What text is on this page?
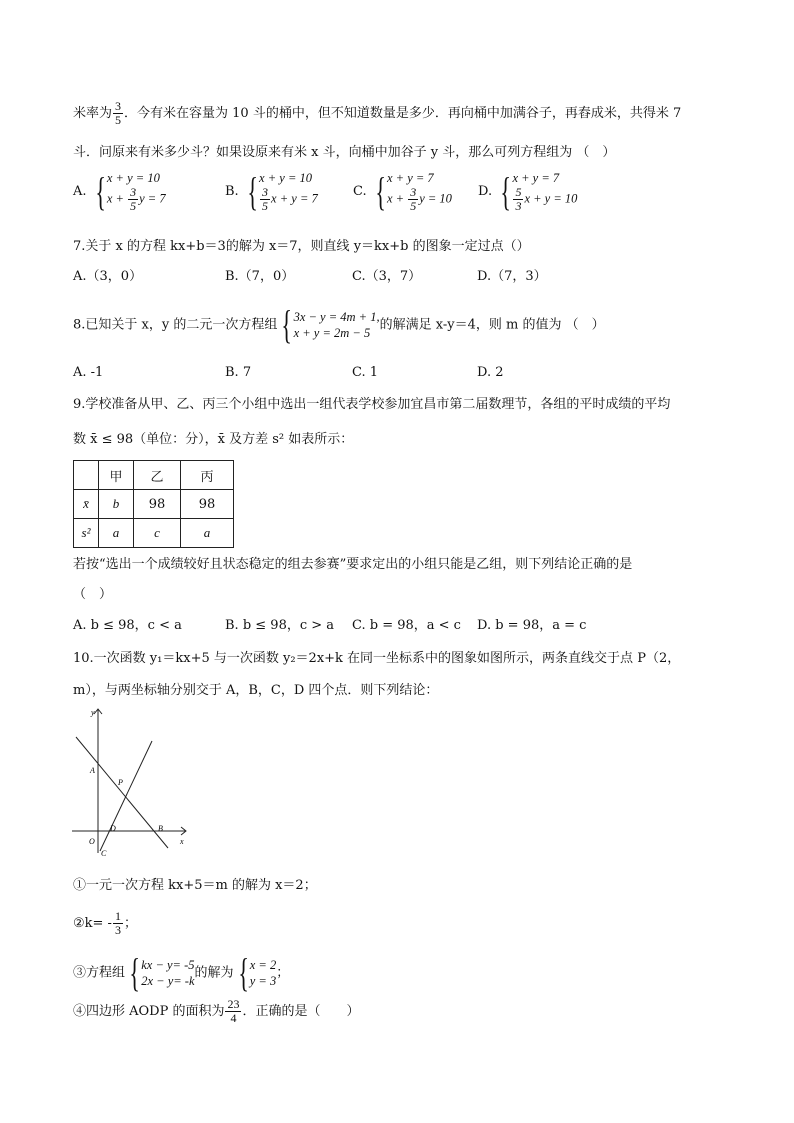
米率为 $\frac{3}{5}$ ．今有米在容量为 10 斗的桶中，但不知道数量是多少．再向桶中加满谷子，再舂成米，共得米 7
斗．问原来有米多少斗？如果设原来有米 x 斗，向桶中加谷子 y 斗，那么可列方程组为 （　）
A. { x + y = 10
$x + \frac{3}{5}$ y = 7	B. { x + y = 10
$\frac{3}{5}$ x + y = 7	C. { x + y = 7
$x + \frac{3}{5}$ y = 10 D. { x + y = 7
$\frac{5}{3}$ x + y = 10
7.关于 x 的方程 kx+b＝3的解为 x＝7，则直线 y＝kx+b 的图象一定过点（）
A.（3，0）	B.（7，0）	C.（3，7）	D.（7，3）
8.已知关于 x，y 的二元一次方程组 { 3x − y = 4m + 1,
x + y = 2m − 5
的解满足 x-y＝4，则 m 的值为 （　）
A. -1	B. 7	C. 1	D. 2
9.学校准备从甲、乙、丙三个小组中选出一组代表学校参加宜昌市第二届数理节，各组的平时成绩的平均
数 x̄ ≤ 98（单位：分），x̄ 及方差 s² 如表所示：
	甲	乙	丙
x̄	b	98	98
s²	a	c	a
若按“选出一个成绩较好且状态稳定的组去参赛”要求定出的小组只能是乙组，则下列结论正确的是
（　）
A. b ≤ 98，c < a	B. b ≤ 98，c > a C. b = 98，a < c D. b = 98，a = c
10.一次函数 y₁＝kx+5 与一次函数 y₂＝2x+k 在同一坐标系中的图象如图所示，两条直线交于点 P（2，
m），与两坐标轴分别交于 A，B，C，D 四个点．则下列结论：
y
x
A
P
O
D	B
C
①一元一次方程 kx+5＝m 的解为 x＝2；
②k= - $\frac{1}{3}$ ；
③方程组 { kx − y= -5
2x − y= -k
的解为 { x = 2
y = 3
；
④四边形 AODP 的面积为 $\frac{23}{4}$ ．正确的是（　　）
